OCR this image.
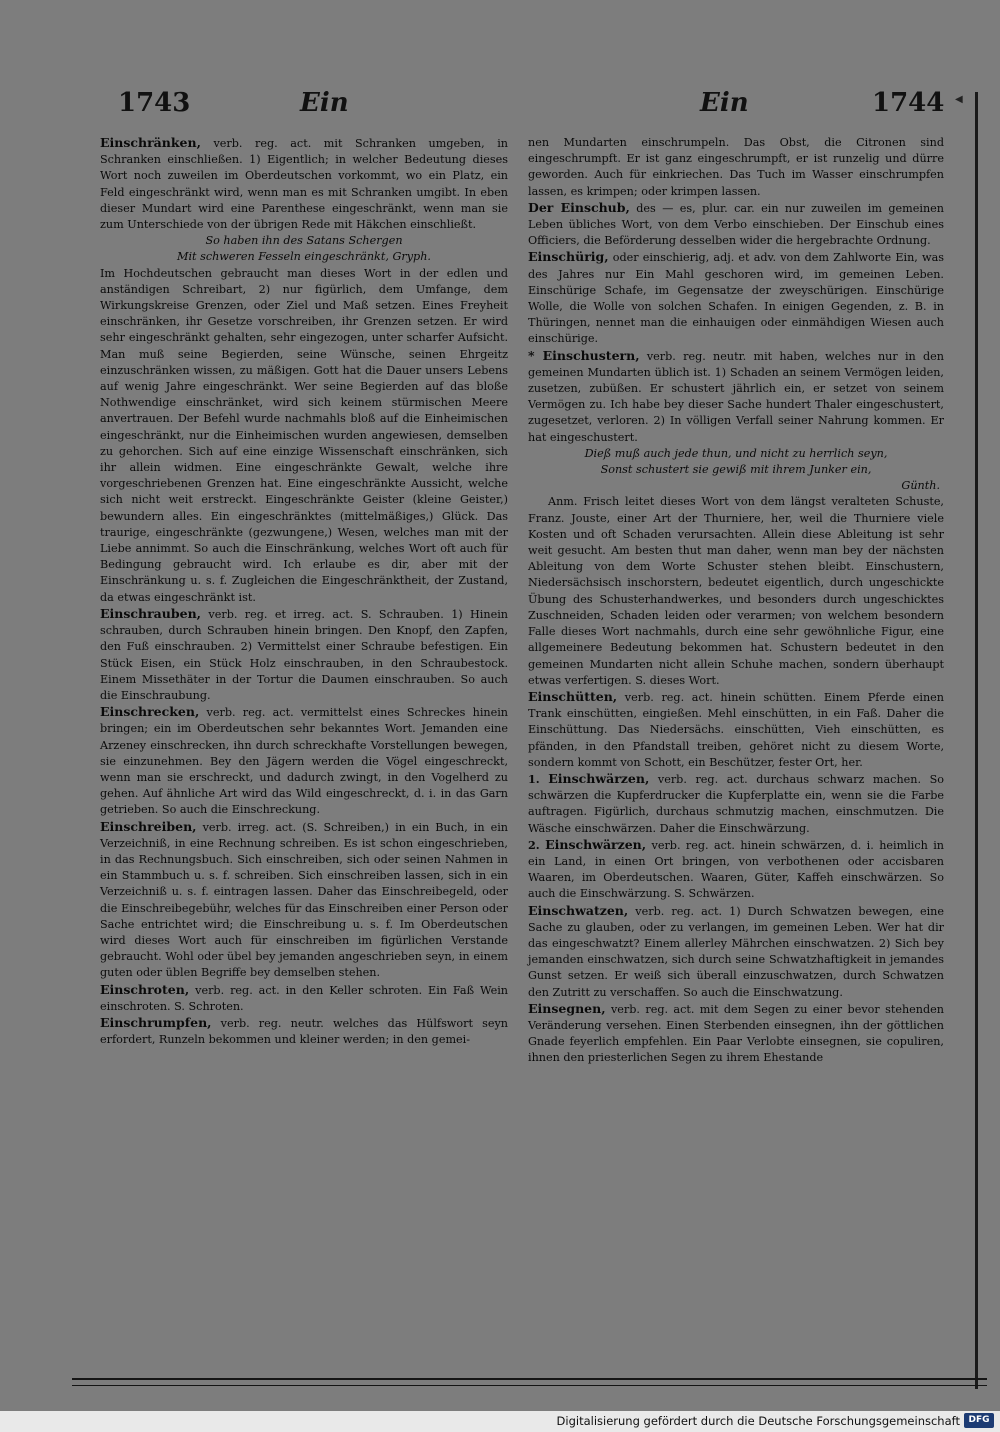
1743	Ein	Ein	1744 ◀
Einschränken, verb. reg. act. mit Schranken umgeben, in Schranken einschließen. 1) Eigentlich; in welcher Bedeutung dieses Wort noch zuweilen im Oberdeutschen vorkommt, wo ein Platz, ein Feld eingeschränkt wird, wenn man es mit Schranken umgibt. In eben dieser Mundart wird eine Parenthese eingeschränkt, wenn man sie zum Unterschiede von der übrigen Rede mit Häkchen einschließt.

So haben ihn des Satans Schergen

Mit schweren Fesseln eingeschränkt, Gryph.

Im Hochdeutschen gebraucht man dieses Wort in der edlen und anständigen Schreibart, 2) nur figürlich, dem Umfange, dem Wirkungskreise Grenzen, oder Ziel und Maß setzen. Eines Freyheit einschränken, ihr Gesetze vorschreiben, ihr Grenzen setzen. Er wird sehr eingeschränkt gehalten, sehr eingezogen, unter scharfer Aufsicht. Man muß seine Begierden, seine Wünsche, seinen Ehrgeitz einzuschränken wissen, zu mäßigen. Gott hat die Dauer unsers Lebens auf wenig Jahre eingeschränkt. Wer seine Begierden auf das bloße Nothwendige einschränket, wird sich keinem stürmischen Meere anvertrauen. Der Befehl wurde nachmahls bloß auf die Einheimischen eingeschränkt, nur die Einheimischen wurden angewiesen, demselben zu gehorchen. Sich auf eine einzige Wissenschaft einschränken, sich ihr allein widmen. Eine eingeschränkte Gewalt, welche ihre vorgeschriebenen Grenzen hat. Eine eingeschränkte Aussicht, welche sich nicht weit erstreckt. Eingeschränkte Geister (kleine Geister,) bewundern alles. Ein eingeschränktes (mittelmäßiges,) Glück. Das traurige, eingeschränkte (gezwungene,) Wesen, welches man mit der Liebe annimmt. So auch die Einschränkung, welches Wort oft auch für Bedingung gebraucht wird. Ich erlaube es dir, aber mit der Einschränkung u. s. f. Zugleichen die Eingeschränktheit, der Zustand, da etwas eingeschränkt ist.
Einschrauben, verb. reg. et irreg. act. S. Schrauben. 1) Hinein schrauben, durch Schrauben hinein bringen. Den Knopf, den Zapfen, den Fuß einschrauben. 2) Vermittelst einer Schraube befestigen. Ein Stück Eisen, ein Stück Holz einschrauben, in den Schraubestock. Einem Missethäter in der Tortur die Daumen einschrauben. So auch die Einschraubung.
Einschrecken, verb. reg. act. vermittelst eines Schreckes hinein bringen; ein im Oberdeutschen sehr bekanntes Wort. Jemanden eine Arzeney einschrecken, ihn durch schreckhafte Vorstellungen bewegen, sie einzunehmen. Bey den Jägern werden die Vögel eingeschreckt, wenn man sie erschreckt, und dadurch zwingt, in den Vogelherd zu gehen. Auf ähnliche Art wird das Wild eingeschreckt, d. i. in das Garn getrieben. So auch die Einschreckung.
Einschreiben, verb. irreg. act. (S. Schreiben,) in ein Buch, in ein Verzeichniß, in eine Rechnung schreiben. Es ist schon eingeschrieben, in das Rechnungsbuch. Sich einschreiben, sich oder seinen Nahmen in ein Stammbuch u. s. f. schreiben. Sich einschreiben lassen, sich in ein Verzeichniß u. s. f. eintragen lassen. Daher das Einschreibegeld, oder die Einschreibegebühr, welches für das Einschreiben einer Person oder Sache entrichtet wird; die Einschreibung u. s. f. Im Oberdeutschen wird dieses Wort auch für einschreiben im figürlichen Verstande gebraucht. Wohl oder übel bey jemanden angeschrieben seyn, in einem guten oder üblen Begriffe bey demselben stehen.
Einschroten, verb. reg. act. in den Keller schroten. Ein Faß Wein einschroten. S. Schroten.
Einschrumpfen, verb. reg. neutr. welches das Hülfswort seyn erfordert, Runzeln bekommen und kleiner werden; in den gemei-
nen Mundarten einschrumpeln. Das Obst, die Citronen sind eingeschrumpft. Er ist ganz eingeschrumpft, er ist runzelig und dürre geworden. Auch für einkriechen. Das Tuch im Wasser einschrumpfen lassen, es krimpen; oder krimpen lassen.
Der Einschub, des — es, plur. car. ein nur zuweilen im gemeinen Leben übliches Wort, von dem Verbo einschieben. Der Einschub eines Officiers, die Beförderung desselben wider die hergebrachte Ordnung.
Einschürig, oder einschierig, adj. et adv. von dem Zahlworte Ein, was des Jahres nur Ein Mahl geschoren wird, im gemeinen Leben. Einschürige Schafe, im Gegensatze der zweyschürigen. Einschürige Wolle, die Wolle von solchen Schafen. In einigen Gegenden, z. B. in Thüringen, nennet man die einhauigen oder einmähdigen Wiesen auch einschürige.
* Einschustern, verb. reg. neutr. mit haben, welches nur in den gemeinen Mundarten üblich ist. 1) Schaden an seinem Vermögen leiden, zusetzen, zubüßen. Er schustert jährlich ein, er setzet von seinem Vermögen zu. Ich habe bey dieser Sache hundert Thaler eingeschustert, zugesetzet, verloren. 2) In völligen Verfall seiner Nahrung kommen. Er hat eingeschustert.

Dieß muß auch jede thun, und nicht zu herrlich seyn,

Sonst schustert sie gewiß mit ihrem Junker ein,

Günth.

Anm. Frisch leitet dieses Wort von dem längst veralteten Schuste, Franz. Jouste, einer Art der Thurniere, her, weil die Thurniere viele Kosten und oft Schaden verursachten. Allein diese Ableitung ist sehr weit gesucht. Am besten thut man daher, wenn man bey der nächsten Ableitung von dem Worte Schuster stehen bleibt. Einschustern, Niedersächsisch inschorstern, bedeutet eigentlich, durch ungeschickte Übung des Schusterhandwerkes, und besonders durch ungeschicktes Zuschneiden, Schaden leiden oder verarmen; von welchem besondern Falle dieses Wort nachmahls, durch eine sehr gewöhnliche Figur, eine allgemeinere Bedeutung bekommen hat. Schustern bedeutet in den gemeinen Mundarten nicht allein Schuhe machen, sondern überhaupt etwas verfertigen. S. dieses Wort.

Einschütten, verb. reg. act. hinein schütten. Einem Pferde einen Trank einschütten, eingießen. Mehl einschütten, in ein Faß. Daher die Einschüttung. Das Niedersächs. einschütten, Vieh einschütten, es pfänden, in den Pfandstall treiben, gehöret nicht zu diesem Worte, sondern kommt von Schott, ein Beschützer, fester Ort, her.
1. Einschwärzen, verb. reg. act. durchaus schwarz machen. So schwärzen die Kupferdrucker die Kupferplatte ein, wenn sie die Farbe auftragen. Figürlich, durchaus schmutzig machen, einschmutzen. Die Wäsche einschwärzen. Daher die Einschwärzung.
2. Einschwärzen, verb. reg. act. hinein schwärzen, d. i. heimlich in ein Land, in einen Ort bringen, von verbothenen oder accisbaren Waaren, im Oberdeutschen. Waaren, Güter, Kaffeh einschwärzen. So auch die Einschwärzung. S. Schwärzen.
Einschwatzen, verb. reg. act. 1) Durch Schwatzen bewegen, eine Sache zu glauben, oder zu verlangen, im gemeinen Leben. Wer hat dir das eingeschwatzt? Einem allerley Mährchen einschwatzen. 2) Sich bey jemanden einschwatzen, sich durch seine Schwatzhaftigkeit in jemandes Gunst setzen. Er weiß sich überall einzuschwatzen, durch Schwatzen den Zutritt zu verschaffen. So auch die Einschwatzung.
Einsegnen, verb. reg. act. mit dem Segen zu einer bevor stehenden Veränderung versehen. Einen Sterbenden einsegnen, ihn der göttlichen Gnade feyerlich empfehlen. Ein Paar Verlobte einsegnen, sie copuliren, ihnen den priesterlichen Segen zu ihrem Ehestande
Digitalisierung gefördert durch die Deutsche Forschungsgemeinschaft DFG
